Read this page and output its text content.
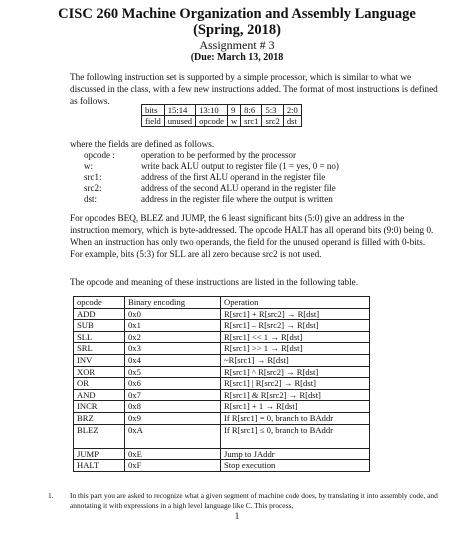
CISC 260 Machine Organization and Assembly Language
(Spring, 2018)
Assignment # 3
(Due: March 13, 2018
The following instruction set is supported by a simple processor, which is similar to what we discussed in the class, with a few new instructions added. The format of most instructions is defined as follows.
bits	15:14	13:10	9	8:6	5:3	2:0
field	unused	opcode	w	src1	src2	dst
where the fields are defined as follows.
opcode :	operation to be performed by the processor
w:	write back ALU output to register file (1 = yes, 0 = no)
src1:	address of the first ALU operand in the register file
src2:	address of the second ALU operand in the register file
dst:	address in the register file where the output is written
For opcodes BEQ, BLEZ and JUMP, the 6 least significant bits (5:0) give an address in the instruction memory, which is byte-addressed. The opcode HALT has all operand bits (9:0) being 0. When an instruction has only two operands, the field for the unused operand is filled with 0-bits. For example, bits (5:3) for SLL are all zero because src2 is not used.
The opcode and meaning of these instructions are listed in the following table.
opcode	Binary encoding	Operation
ADD	0x0	R[src1] + R[src2] → R[dst]
SUB	0x1	R[src1] – R[src2] → R[dst]
SLL	0x2	R[src1] << 1 → R[dst]
SRL	0x3	R[src1] >> 1 → R[dst]
INV	0x4	~R[src1] → R[dst]
XOR	0x5	R[src1] ^ R[src2] → R[dst]
OR	0x6	R[src1] | R[src2] → R[dst]
AND	0x7	R[src1] & R[src2] → R[dst]
INCR	0x8	R[src1] + 1 → R[dst]
BRZ	0x9	If R[src1] = 0, branch to BAddr
BLEZ	0xA	If R[src1] ≤ 0, branch to BAddr
JUMP	0xE	Jump to JAddr
HALT	0xF	Stop execution
1. In this part you are asked to recognize what a given segment of machine code does, by translating it into assembly code, and annotating it with expressions in a high level language like C. This process,
1
